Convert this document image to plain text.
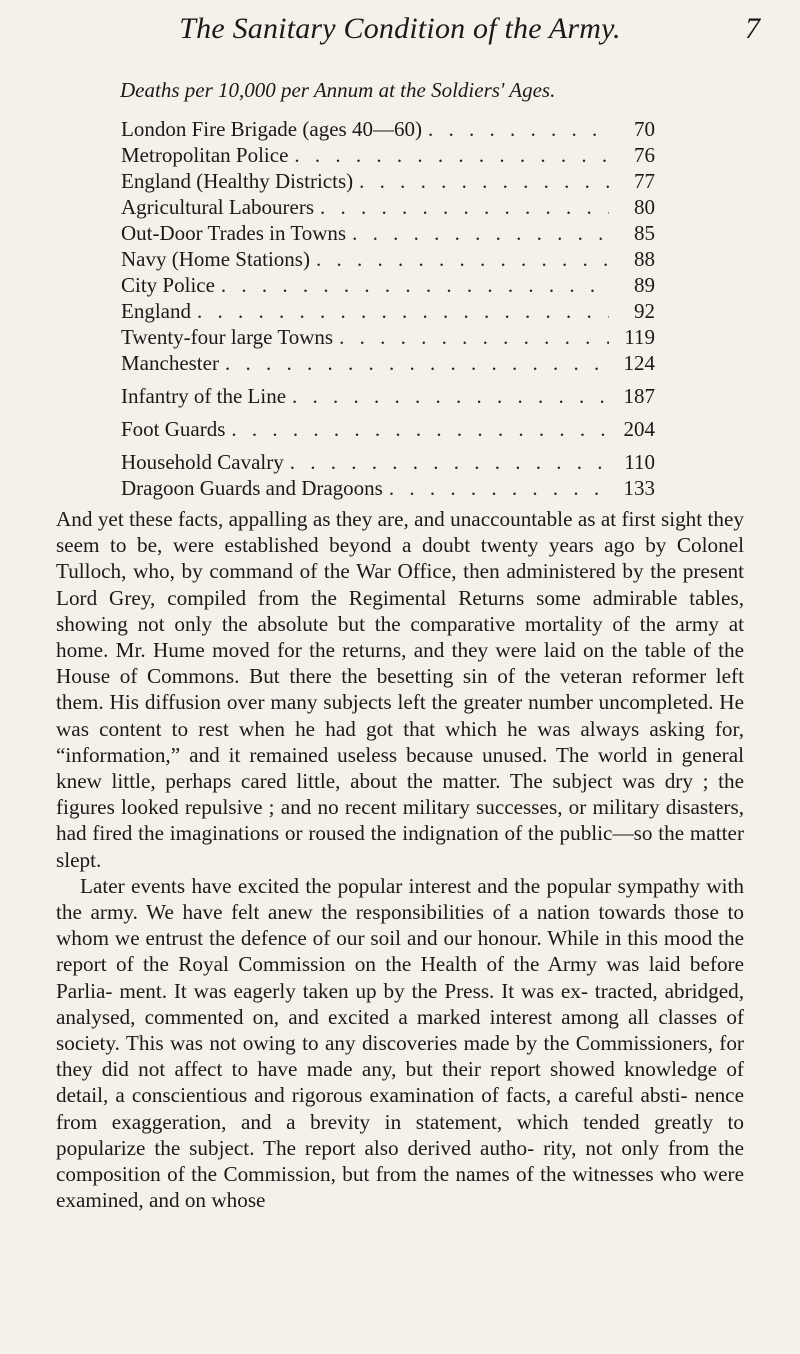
The Sanitary Condition of the Army.	7
Deaths per 10,000 per Annum at the Soldiers' Ages.
London Fire Brigade (ages 40—60) . . .	70
Metropolitan Police . . .	76
England (Healthy Districts) . . .	77
Agricultural Labourers . . .	80
Out-Door Trades in Towns . . .	85
Navy (Home Stations) . . .	88
City Police . . .	89
England . . .	92
Twenty-four large Towns . . .	119
Manchester . . .	124
Infantry of the Line . . .	187
Foot Guards . . .	204
Household Cavalry . . .	110
Dragoon Guards and Dragoons . . .	133

And yet these facts, appalling as they are, and unaccountable as at first sight they seem to be, were established beyond a doubt twenty years ago by Colonel Tulloch, who, by command of the War Office, then administered by the present Lord Grey, compiled from the Regimental Returns some admirable tables, showing not only the absolute but the comparative mortality of the army at home. Mr. Hume moved for the returns, and they were laid on the table of the House of Commons. But there the besetting sin of the veteran reformer left them. His diffusion over many subjects left the greater number uncompleted. He was content to rest when he had got that which he was always asking for, “information,” and it remained useless because unused. The world in general knew little, perhaps cared little, about the matter. The subject was dry ; the figures looked repulsive ; and no recent military successes, or military disasters, had fired the imaginations or roused the indignation of the public—so the matter slept.

Later events have excited the popular interest and the popular sympathy with the army. We have felt anew the responsibilities of a nation towards those to whom we entrust the defence of our soil and our honour. While in this mood the report of the Royal Commission on the Health of the Army was laid before Parlia- ment. It was eagerly taken up by the Press. It was ex- tracted, abridged, analysed, commented on, and excited a marked interest among all classes of society. This was not owing to any discoveries made by the Commissioners, for they did not affect to have made any, but their report showed knowledge of detail, a conscientious and rigorous examination of facts, a careful absti- nence from exaggeration, and a brevity in statement, which tended greatly to popularize the subject. The report also derived autho- rity, not only from the composition of the Commission, but from the names of the witnesses who were examined, and on whose
